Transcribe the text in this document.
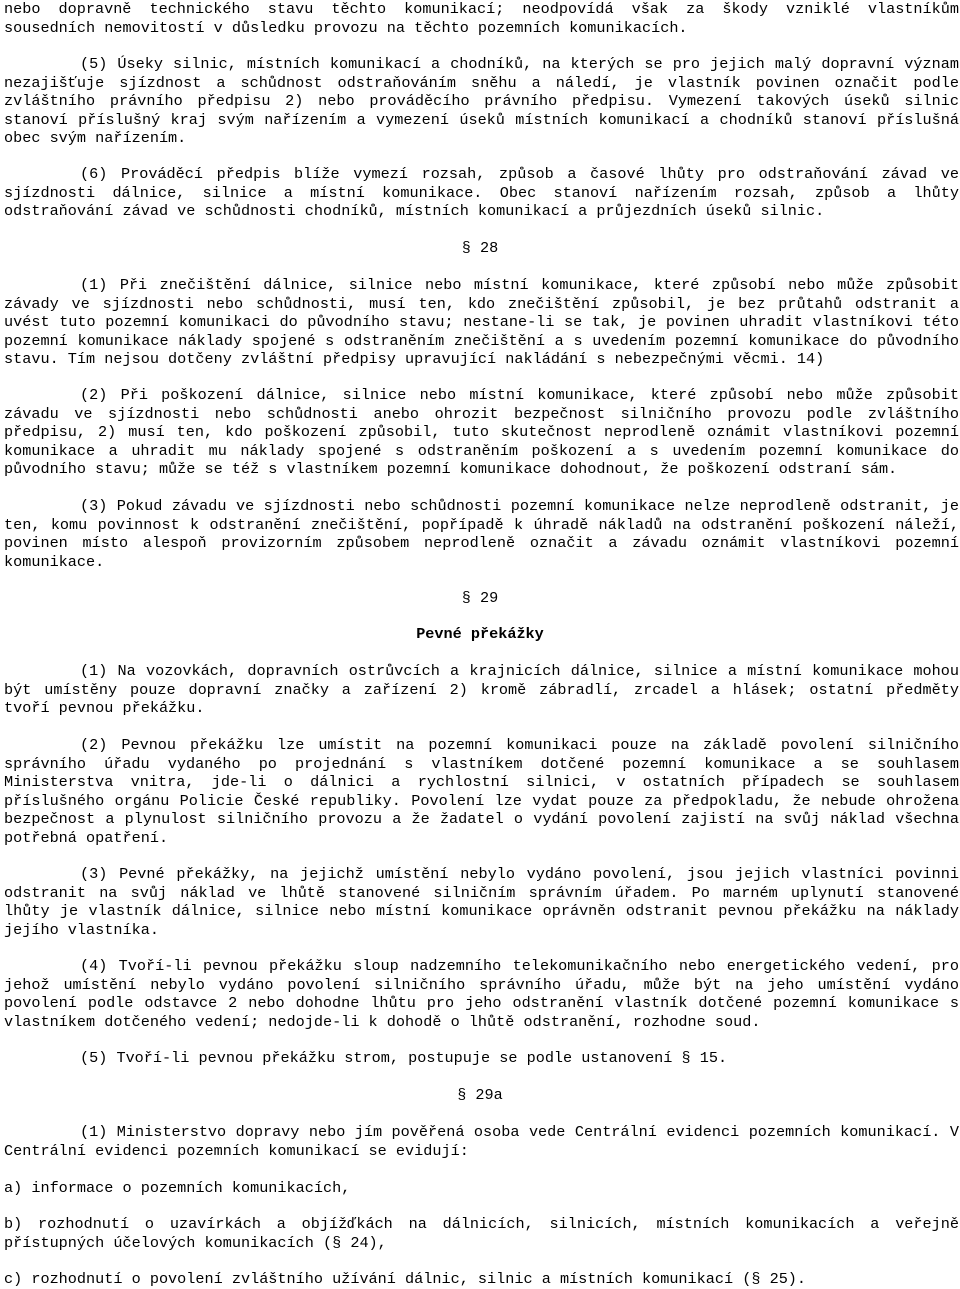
nebo dopravně technického stavu těchto komunikací; neodpovídá však za škody vzniklé vlastníkům sousedních nemovitostí v důsledku provozu na těchto pozemních komunikacích.

(5) Úseky silnic, místních komunikací a chodníků, na kterých se pro jejich malý dopravní význam nezajišťuje sjízdnost a schůdnost odstraňováním sněhu a náledí, je vlastník povinen označit podle zvláštního právního předpisu 2) nebo prováděcího právního předpisu. Vymezení takových úseků silnic stanoví příslušný kraj svým nařízením a vymezení úseků místních komunikací a chodníků stanoví příslušná obec svým nařízením.

(6) Prováděcí předpis blíže vymezí rozsah, způsob a časové lhůty pro odstraňování závad ve sjízdnosti dálnice, silnice a místní komunikace. Obec stanoví nařízením rozsah, způsob a lhůty odstraňování závad ve schůdnosti chodníků, místních komunikací a průjezdních úseků silnic.

§ 28

(1) Při znečištění dálnice, silnice nebo místní komunikace, které způsobí nebo může způsobit závady ve sjízdnosti nebo schůdnosti, musí ten, kdo znečištění způsobil, je bez průtahů odstranit a uvést tuto pozemní komunikaci do původního stavu; nestane-li se tak, je povinen uhradit vlastníkovi této pozemní komunikace náklady spojené s odstraněním znečištění a s uvedením pozemní komunikace do původního stavu. Tím nejsou dotčeny zvláštní předpisy upravující nakládání s nebezpečnými věcmi. 14)

(2) Při poškození dálnice, silnice nebo místní komunikace, které způsobí nebo může způsobit závadu ve sjízdnosti nebo schůdnosti anebo ohrozit bezpečnost silničního provozu podle zvláštního předpisu, 2) musí ten, kdo poškození způsobil, tuto skutečnost neprodleně oznámit vlastníkovi pozemní komunikace a uhradit mu náklady spojené s odstraněním poškození a s uvedením pozemní komunikace do původního stavu; může se též s vlastníkem pozemní komunikace dohodnout, že poškození odstraní sám.

(3) Pokud závadu ve sjízdnosti nebo schůdnosti pozemní komunikace nelze neprodleně odstranit, je ten, komu povinnost k odstranění znečištění, popřípadě k úhradě nákladů na odstranění poškození náleží, povinen místo alespoň provizorním způsobem neprodleně označit a závadu oznámit vlastníkovi pozemní komunikace.

§ 29

Pevné překážky

(1) Na vozovkách, dopravních ostrůvcích a krajnicích dálnice, silnice a místní komunikace mohou být umístěny pouze dopravní značky a zařízení 2) kromě zábradlí, zrcadel a hlásek; ostatní předměty tvoří pevnou překážku.

(2) Pevnou překážku lze umístit na pozemní komunikaci pouze na základě povolení silničního správního úřadu vydaného po projednání s vlastníkem dotčené pozemní komunikace a se souhlasem Ministerstva vnitra, jde-li o dálnici a rychlostní silnici, v ostatních případech se souhlasem příslušného orgánu Policie České republiky. Povolení lze vydat pouze za předpokladu, že nebude ohrožena bezpečnost a plynulost silničního provozu a že žadatel o vydání povolení zajistí na svůj náklad všechna potřebná opatření.

(3) Pevné překážky, na jejichž umístění nebylo vydáno povolení, jsou jejich vlastníci povinni odstranit na svůj náklad ve lhůtě stanovené silničním správním úřadem. Po marném uplynutí stanovené lhůty je vlastník dálnice, silnice nebo místní komunikace oprávněn odstranit pevnou překážku na náklady jejího vlastníka.

(4) Tvoří-li pevnou překážku sloup nadzemního telekomunikačního nebo energetického vedení, pro jehož umístění nebylo vydáno povolení silničního správního úřadu, může být na jeho umístění vydáno povolení podle odstavce 2 nebo dohodne lhůtu pro jeho odstranění vlastník dotčené pozemní komunikace s vlastníkem dotčeného vedení; nedojde-li k dohodě o lhůtě odstranění, rozhodne soud.

(5) Tvoří-li pevnou překážku strom, postupuje se podle ustanovení § 15.

§ 29a

(1) Ministerstvo dopravy nebo jím pověřená osoba vede Centrální evidenci pozemních komunikací. V Centrální evidenci pozemních komunikací se evidují:

a) informace o pozemních komunikacích,

b) rozhodnutí o uzavírkách a objížďkách na dálnicích, silnicích, místních komunikacích a veřejně přístupných účelových komunikacích (§ 24),

c) rozhodnutí o povolení zvláštního užívání dálnic, silnic a místních komunikací (§ 25).
